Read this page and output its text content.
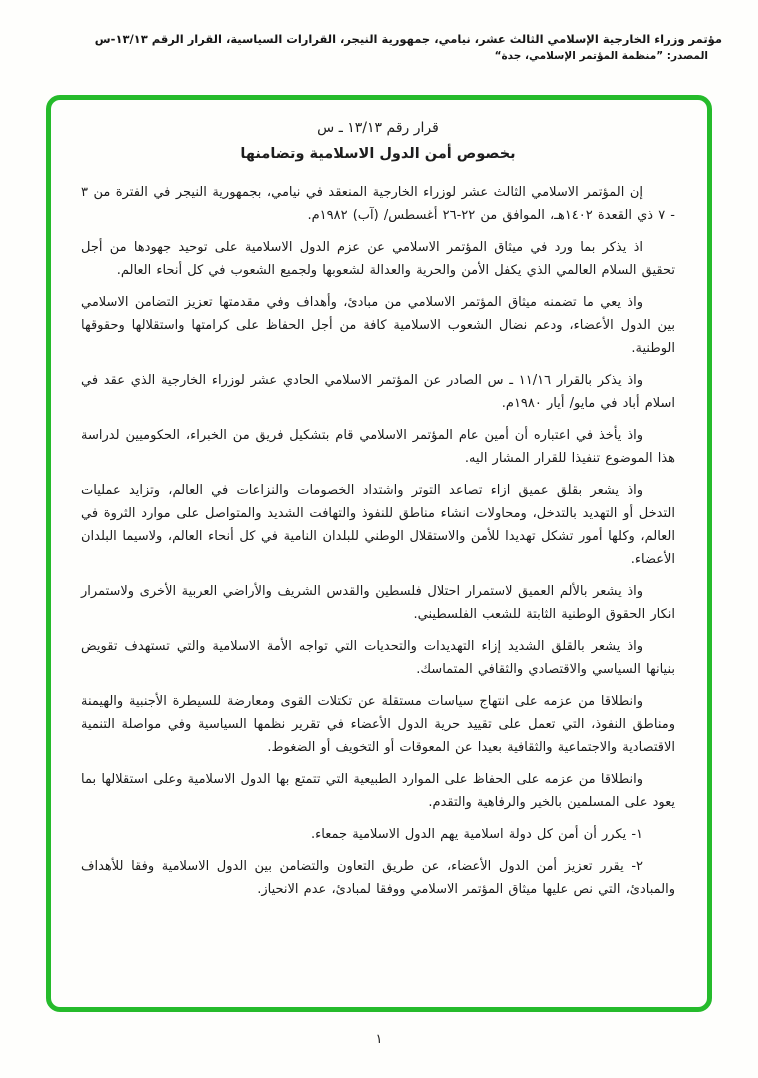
مؤتمر وزراء الخارجية الإسلامي الثالث عشر، نيامي، جمهورية النيجر، القرارات السياسية، القرار الرقم ١٣/١٣-س
المصدر: ”منظمة المؤتمر الإسلامي، جدة“
قرار رقم ١٣/١٣ ـ س
بخصوص أمن الدول الاسلامية وتضامنها

إن المؤتمر الاسلامي الثالث عشر لوزراء الخارجية المنعقد في نيامي، بجمهورية النيجر في الفترة من ٣ - ٧ ذي القعدة ١٤٠٢هـ، الموافق من ٢٢-٢٦ أغسطس/ (آب) ١٩٨٢م.

اذ يذكر بما ورد في ميثاق المؤتمر الاسلامي عن عزم الدول الاسلامية على توحيد جهودها من أجل تحقيق السلام العالمي الذي يكفل الأمن والحرية والعدالة لشعوبها ولجميع الشعوب في كل أنحاء العالم.

واذ يعي ما تضمنه ميثاق المؤتمر الاسلامي من مبادئ، وأهداف وفي مقدمتها تعزيز التضامن الاسلامي بين الدول الأعضاء، ودعم نضال الشعوب الاسلامية كافة من أجل الحفاظ على كرامتها واستقلالها وحقوقها الوطنية.

واذ يذكر بالقرار ١١/١٦ ـ س الصادر عن المؤتمر الاسلامي الحادي عشر لوزراء الخارجية الذي عقد في اسلام أباد في مايو/ أيار ١٩٨٠م.

واذ يأخذ في اعتباره أن أمين عام المؤتمر الاسلامي قام بتشكيل فريق من الخبراء، الحكوميين لدراسة هذا الموضوع تنفيذا للقرار المشار اليه.

واذ يشعر بقلق عميق ازاء تصاعد التوتر واشتداد الخصومات والنزاعات في العالم، وتزايد عمليات التدخل أو التهديد بالتدخل، ومحاولات انشاء مناطق للنفوذ والتهافت الشديد والمتواصل على موارد الثروة في العالم، وكلها أمور تشكل تهديدا للأمن والاستقلال الوطني للبلدان النامية في كل أنحاء العالم، ولاسيما البلدان الأعضاء.

واذ يشعر بالألم العميق لاستمرار احتلال فلسطين والقدس الشريف والأراضي العربية الأخرى ولاستمرار انكار الحقوق الوطنية الثابتة للشعب الفلسطيني.

واذ يشعر بالقلق الشديد إزاء التهديدات والتحديات التي تواجه الأمة الاسلامية والتي تستهدف تقويض بنيانها السياسي والاقتصادي والثقافي المتماسك.

وانطلاقا من عزمه على انتهاج سياسات مستقلة عن تكتلات القوى ومعارضة للسيطرة الأجنبية والهيمنة ومناطق النفوذ، التي تعمل على تقييد حرية الدول الأعضاء في تقرير نظمها السياسية وفي مواصلة التنمية الاقتصادية والاجتماعية والثقافية بعيدا عن المعوقات أو التخويف أو الضغوط.

وانطلاقا من عزمه على الحفاظ على الموارد الطبيعية التي تتمتع بها الدول الاسلامية وعلى استقلالها بما يعود على المسلمين بالخير والرفاهية والتقدم.

١- يكرر أن أمن كل دولة اسلامية يهم الدول الاسلامية جمعاء.

٢- يقرر تعزيز أمن الدول الأعضاء، عن طريق التعاون والتضامن بين الدول الاسلامية وفقا للأهداف والمبادئ، التي نص عليها ميثاق المؤتمر الاسلامي ووفقا لمبادئ، عدم الانحياز.

١
